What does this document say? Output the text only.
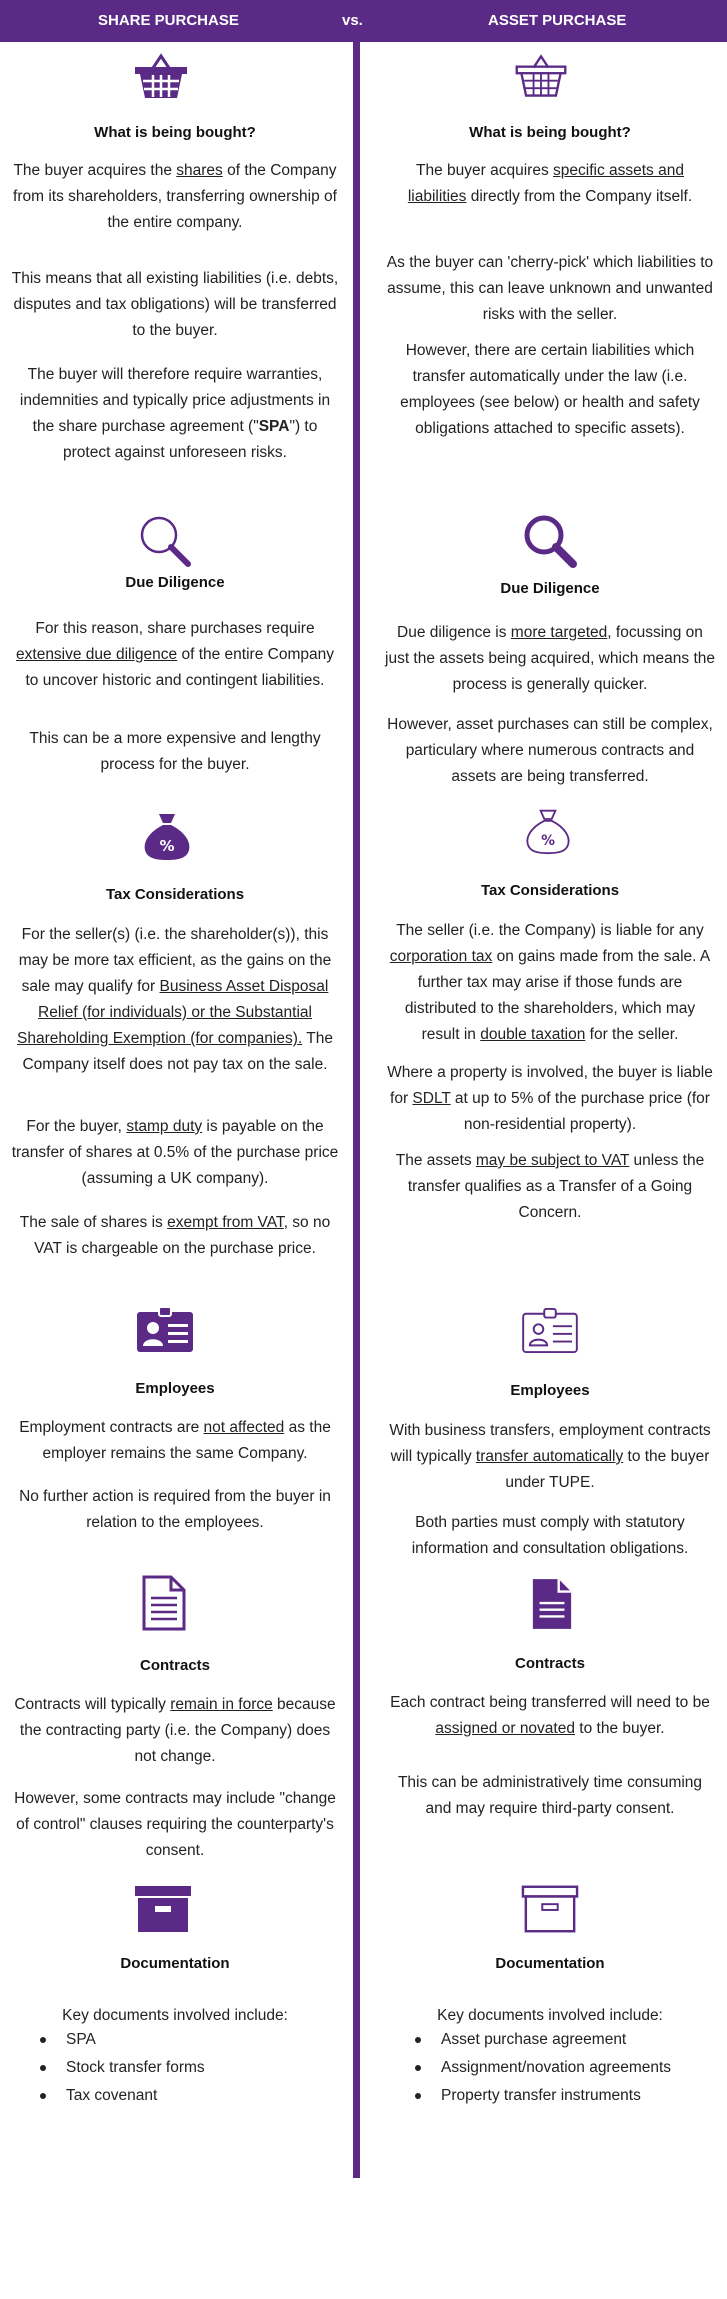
SHARE PURCHASE	vs.	ASSET PURCHASE
What is being bought?
The buyer acquires the shares of the Company from its shareholders, transferring ownership of the entire company.
This means that all existing liabilities (i.e. debts, disputes and tax obligations) will be transferred to the buyer.
The buyer will therefore require warranties, indemnities and typically price adjustments in the share purchase agreement ("SPA") to protect against unforeseen risks.
Due Diligence
For this reason, share purchases require extensive due diligence of the entire Company to uncover historic and contingent liabilities.
This can be a more expensive and lengthy process for the buyer.
%
Tax Considerations
For the seller(s) (i.e. the shareholder(s)), this may be more tax efficient, as the gains on the sale may qualify for Business Asset Disposal Relief (for individuals) or the Substantial Shareholding Exemption (for companies). The Company itself does not pay tax on the sale.
For the buyer, stamp duty is payable on the transfer of shares at 0.5% of the purchase price (assuming a UK company).
The sale of shares is exempt from VAT, so no VAT is chargeable on the purchase price.
Employees
Employment contracts are not affected as the employer remains the same Company.
No further action is required from the buyer in relation to the employees.
Contracts
Contracts will typically remain in force because the contracting party (i.e. the Company) does not change.
However, some contracts may include "change of control" clauses requiring the counterparty's consent.
Documentation
Key documents involved include:
SPA
Stock transfer forms
Tax covenant
What is being bought?
The buyer acquires specific assets and liabilities directly from the Company itself.
As the buyer can 'cherry-pick' which liabilities to assume, this can leave unknown and unwanted risks with the seller.
However, there are certain liabilities which transfer automatically under the law (i.e. employees (see below) or health and safety obligations attached to specific assets).
Due Diligence
Due diligence is more targeted, focussing on just the assets being acquired, which means the process is generally quicker.
However, asset purchases can still be complex, particulary where numerous contracts and assets are being transferred.
%
Tax Considerations
The seller (i.e. the Company) is liable for any corporation tax on gains made from the sale. A further tax may arise if those funds are distributed to the shareholders, which may result in double taxation for the seller.
Where a property is involved, the buyer is liable for SDLT at up to 5% of the purchase price (for non-residential property).
The assets may be subject to VAT unless the transfer qualifies as a Transfer of a Going Concern.
Employees
With business transfers, employment contracts will typically transfer automatically to the buyer under TUPE.
Both parties must comply with statutory information and consultation obligations.
Contracts
Each contract being transferred will need to be assigned or novated to the buyer.
This can be administratively time consuming and may require third-party consent.
Documentation
Key documents involved include:
Asset purchase agreement
Assignment/novation agreements
Property transfer instruments
